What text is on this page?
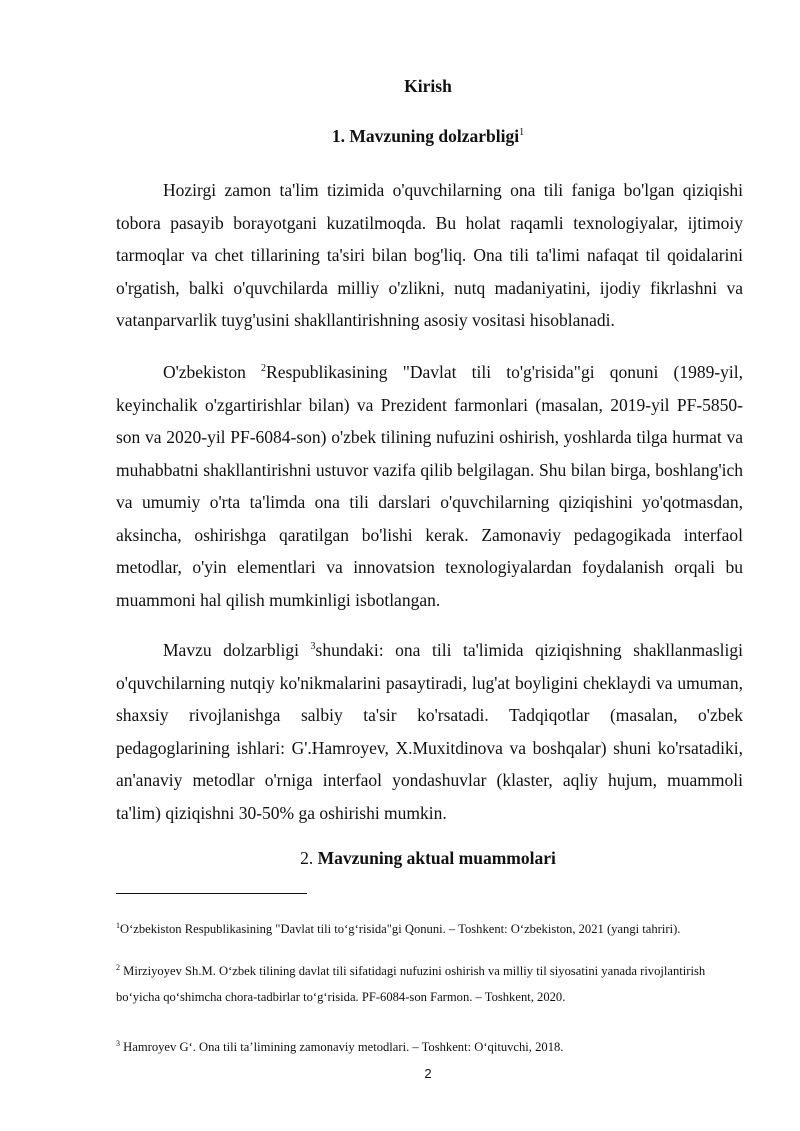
Kirish
1. Mavzuning dolzarbligi$^1$

Hozirgi zamon ta'lim tizimida o'quvchilarning ona tili faniga bo'lgan qiziqishi tobora pasayib borayotgani kuzatilmoqda. Bu holat raqamli texnologiyalar, ijtimoiy tarmoqlar va chet tillarining ta'siri bilan bog'liq. Ona tili ta'limi nafaqat til qoidalarini o'rgatish, balki o'quvchilarda milliy o'zlikni, nutq madaniyatini, ijodiy fikrlashni va vatanparvarlik tuyg'usini shakllantirishning asosiy vositasi hisoblanadi.

O'zbekiston $^2$Respublikasining "Davlat tili to'g'risida"gi qonuni (1989-yil, keyinchalik o'zgartirishlar bilan) va Prezident farmonlari (masalan, 2019-yil PF-5850-son va 2020-yil PF-6084-son) o'zbek tilining nufuzini oshirish, yoshlarda tilga hurmat va muhabbatni shakllantirishni ustuvor vazifa qilib belgilagan. Shu bilan birga, boshlang'ich va umumiy o'rta ta'limda ona tili darslari o'quvchilarning qiziqishini yo'qotmasdan, aksincha, oshirishga qaratilgan bo'lishi kerak. Zamonaviy pedagogikada interfaol metodlar, o'yin elementlari va innovatsion texnologiyalardan foydalanish orqali bu muammoni hal qilish mumkinligi isbotlangan.

Mavzu dolzarbligi $^3$shundaki: ona tili ta'limida qiziqishning shakllanmasligi o'quvchilarning nutqiy ko'nikmalarini pasaytiradi, lug'at boyligini cheklaydi va umuman, shaxsiy rivojlanishga salbiy ta'sir ko'rsatadi. Tadqiqotlar (masalan, o'zbek pedagoglarining ishlari: G'.Hamroyev, X.Muxitdinova va boshqalar) shuni ko'rsatadiki, an'anaviy metodlar o'rniga interfaol yondashuvlar (klaster, aqliy hujum, muammoli ta'lim) qiziqishni 30-50% ga oshirishi mumkin.

2. Mavzuning aktual muammolari

$^1$O‘zbekiston Respublikasining "Davlat tili to‘g‘risida"gi Qonuni. – Toshkent: O‘zbekiston, 2021 (yangi tahriri).

$^2$ Mirziyoyev Sh.M. O‘zbek tilining davlat tili sifatidagi nufuzini oshirish va milliy til siyosatini yanada rivojlantirish bo‘yicha qo‘shimcha chora-tadbirlar to‘g‘risida. PF-6084-son Farmon. – Toshkent, 2020.

$^3$ Hamroyev G‘. Ona tili ta’limining zamonaviy metodlari. – Toshkent: O‘qituvchi, 2018.

2
